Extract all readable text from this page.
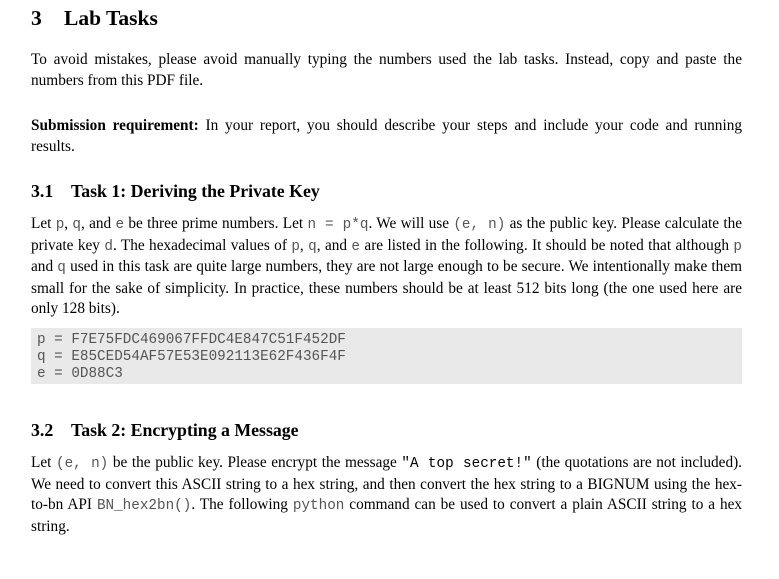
3 Lab Tasks
To avoid mistakes, please avoid manually typing the numbers used the lab tasks. Instead, copy and paste the numbers from this PDF file.
Submission requirement: In your report, you should describe your steps and include your code and running results.
3.1 Task 1: Deriving the Private Key
Let p, q, and e be three prime numbers. Let n = p*q. We will use (e, n) as the public key. Please calculate the private key d. The hexadecimal values of p, q, and e are listed in the following. It should be noted that although p and q used in this task are quite large numbers, they are not large enough to be secure. We intentionally make them small for the sake of simplicity. In practice, these numbers should be at least 512 bits long (the one used here are only 128 bits).
p = F7E75FDC469067FFDC4E847C51F452DF
q = E85CED54AF57E53E092113E62F436F4F
e = 0D88C3
3.2 Task 2: Encrypting a Message
Let (e, n) be the public key. Please encrypt the message "A top secret!" (the quotations are not included). We need to convert this ASCII string to a hex string, and then convert the hex string to a BIGNUM using the hex-to-bn API BN_hex2bn(). The following python command can be used to convert a plain ASCII string to a hex string.
